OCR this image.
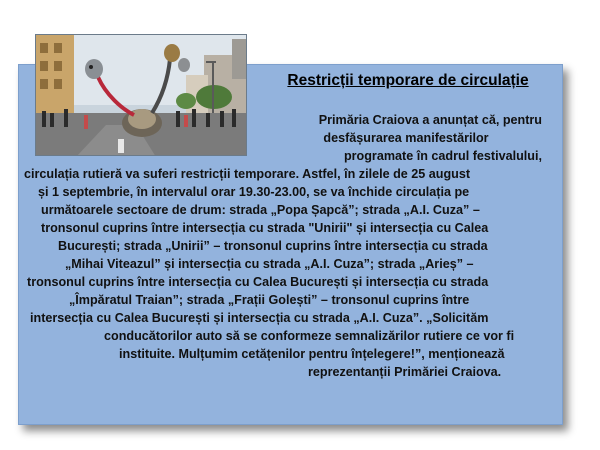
Restricții temporare de circulație
Primăria Craiova a anunțat că, pentru
desfășurarea manifestărilor
programate în cadrul festivalului,
circulația rutieră va suferi restricții temporare. Astfel, în zilele de 25 august
și 1 septembrie, în intervalul orar 19.30-23.00, se va închide circulația pe
următoarele sectoare de drum: strada „Popa Șapcă”; strada „A.I. Cuza” –
tronsonul cuprins între intersecția cu strada "Unirii" și intersecția cu Calea
București; strada „Unirii” – tronsonul cuprins între intersecția cu strada
„Mihai Viteazul” și intersecția cu strada „A.I. Cuza”; strada „Arieș” –
tronsonul cuprins între intersecția cu Calea București și intersecția cu strada
„Împăratul Traian”; strada „Frații Golești” – tronsonul cuprins între
intersecția cu Calea București și intersecția cu strada „A.I. Cuza”. „Solicităm
conducătorilor auto să se conformeze semnalizărilor rutiere ce vor fi
instituite. Mulțumim cetățenilor pentru înțelegere!”, menționează
reprezentanții Primăriei Craiova.
